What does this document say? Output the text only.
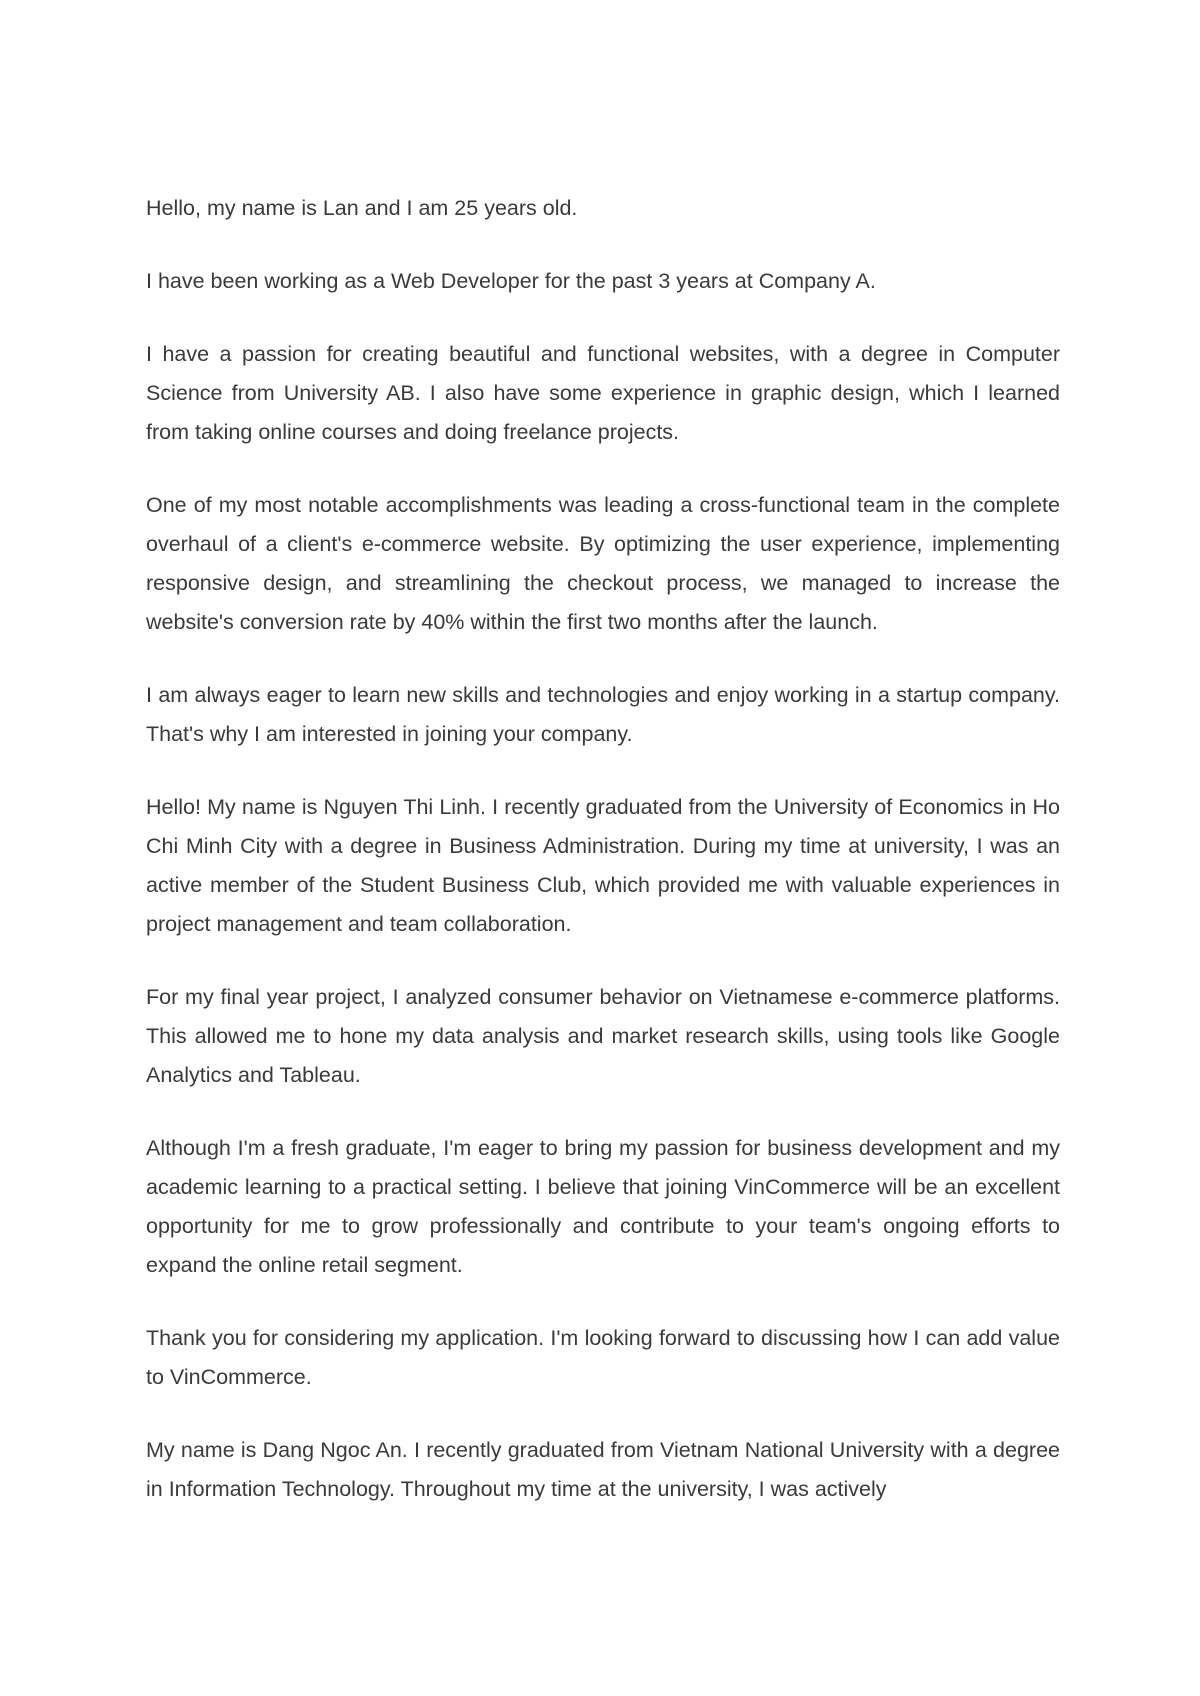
Hello, my name is Lan and I am 25 years old.

I have been working as a Web Developer for the past 3 years at Company A.

I have a passion for creating beautiful and functional websites, with a degree in Computer Science from University AB. I also have some experience in graphic design, which I learned from taking online courses and doing freelance projects.

One of my most notable accomplishments was leading a cross-functional team in the complete overhaul of a client's e-commerce website. By optimizing the user experience, implementing responsive design, and streamlining the checkout process, we managed to increase the website's conversion rate by 40% within the first two months after the launch.

I am always eager to learn new skills and technologies and enjoy working in a startup company. That's why I am interested in joining your company.

Hello! My name is Nguyen Thi Linh. I recently graduated from the University of Economics in Ho Chi Minh City with a degree in Business Administration. During my time at university, I was an active member of the Student Business Club, which provided me with valuable experiences in project management and team collaboration.

For my final year project, I analyzed consumer behavior on Vietnamese e-commerce platforms. This allowed me to hone my data analysis and market research skills, using tools like Google Analytics and Tableau.

Although I'm a fresh graduate, I'm eager to bring my passion for business development and my academic learning to a practical setting. I believe that joining VinCommerce will be an excellent opportunity for me to grow professionally and contribute to your team's ongoing efforts to expand the online retail segment.

Thank you for considering my application. I'm looking forward to discussing how I can add value to VinCommerce.

My name is Dang Ngoc An. I recently graduated from Vietnam National University with a degree in Information Technology. Throughout my time at the university, I was actively
